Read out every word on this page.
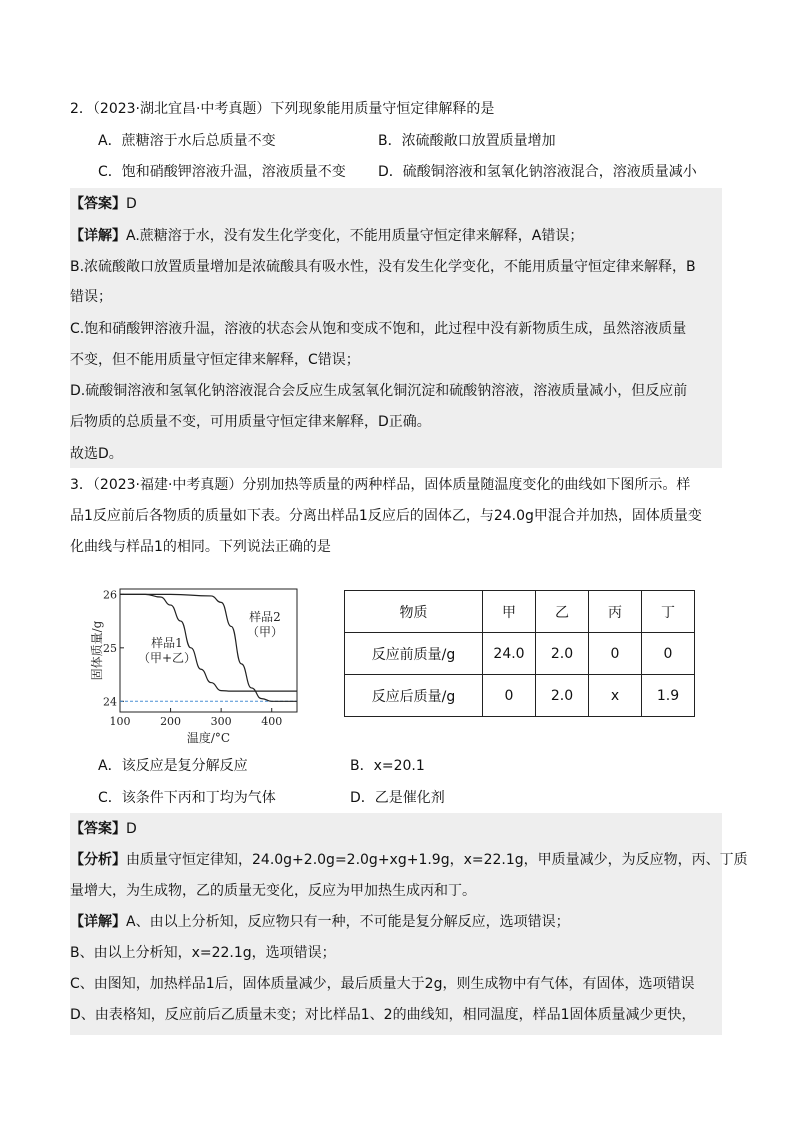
2．（2023·湖北宜昌·中考真题）下列现象能用质量守恒定律解释的是
A．蔗糖溶于水后总质量不变	B．浓硫酸敞口放置质量增加
C．饱和硝酸钾溶液升温，溶液质量不变 D．硫酸铜溶液和氢氧化钠溶液混合，溶液质量减小
【答案】D
【详解】A.蔗糖溶于水，没有发生化学变化，不能用质量守恒定律来解释，A错误；
B.浓硫酸敞口放置质量增加是浓硫酸具有吸水性，没有发生化学变化，不能用质量守恒定律来解释，B
错误；
C.饱和硝酸钾溶液升温，溶液的状态会从饱和变成不饱和，此过程中没有新物质生成，虽然溶液质量
不变，但不能用质量守恒定律来解释，C错误；
D.硫酸铜溶液和氢氧化钠溶液混合会反应生成氢氧化铜沉淀和硫酸钠溶液，溶液质量减小，但反应前
后物质的总质量不变，可用质量守恒定律来解释，D正确。
故选D。
3．（2023·福建·中考真题）分别加热等质量的两种样品，固体质量随温度变化的曲线如下图所示。样
品1反应前后各物质的质量如下表。分离出样品1反应后的固体乙，与24.0g甲混合并加热，固体质量变
化曲线与样品1的相同。下列说法正确的是
24
25
26
100	200	300	400
温度/°C
固体质量/g	样品1
（甲+乙）
样品2
（甲）
物质	甲	乙	丙	丁
反应前质量/g	24.0	2.0	0	0
反应后质量/g	0	2.0	x	1.9
A．该反应是复分解反应	B．x=20.1
C．该条件下丙和丁均为气体	D．乙是催化剂
【答案】D
【分析】由质量守恒定律知，24.0g+2.0g=2.0g+xg+1.9g，x=22.1g，甲质量减少，为反应物，丙、丁质
量增大，为生成物，乙的质量无变化，反应为甲加热生成丙和丁。
【详解】A、由以上分析知，反应物只有一种，不可能是复分解反应，选项错误；
B、由以上分析知，x=22.1g，选项错误；
C、由图知，加热样品1后，固体质量减少，最后质量大于2g，则生成物中有气体，有固体，选项错误
D、由表格知，反应前后乙质量未变；对比样品1、2的曲线知，相同温度，样品1固体质量减少更快，
